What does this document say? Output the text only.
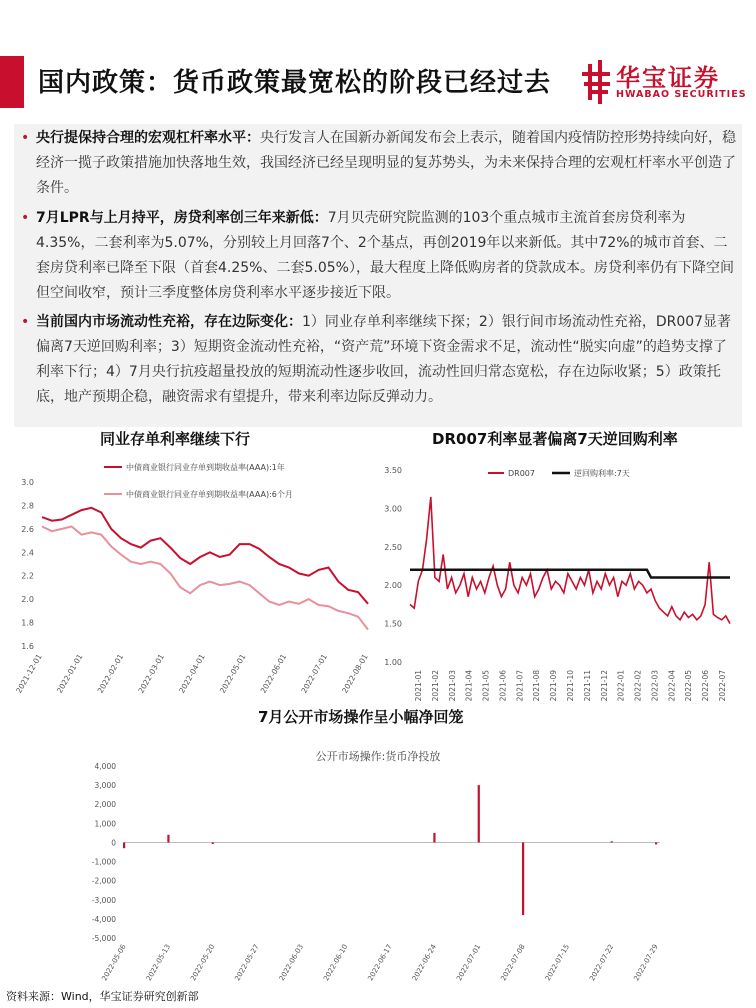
国内政策：货币政策最宽松的阶段已经过去	华宝证券
HWABAO SECURITIES
• 央行提保持合理的宏观杠杆率水平：央行发言人在国新办新闻发布会上表示，随着国内疫情防控形势持续向好，稳经济一揽子政策措施加快落地生效，我国经济已经呈现明显的复苏势头，为未来保持合理的宏观杠杆率水平创造了条件。
• 7月LPR与上月持平，房贷利率创三年来新低：7月贝壳研究院监测的103个重点城市主流首套房贷利率为4.35%，二套利率为5.07%，分别较上月回落7个、2个基点，再创2019年以来新低。其中72%的城市首套、二套房贷利率已降至下限（首套4.25%、二套5.05%），最大程度上降低购房者的贷款成本。房贷利率仍有下降空间但空间收窄，预计三季度整体房贷利率水平逐步接近下限。
• 当前国内市场流动性充裕，存在边际变化：1）同业存单利率继续下探；2）银行间市场流动性充裕，DR007显著偏离7天逆回购利率；3）短期资金流动性充裕，“资产荒”环境下资金需求不足，流动性“脱实向虚”的趋势支撑了利率下行；4）7月央行抗疫超量投放的短期流动性逐步收回，流动性回归常态宽松，存在边际收紧；5）政策托底，地产预期企稳，融资需求有望提升，带来利率边际反弹动力。
同业存单利率继续下行	DR007利率显著偏离7天逆回购利率
7月公开市场操作呈小幅净回笼
3.0
2.8
2.6
2.4
2.2
2.0
1.8
1.6
2021-12-01 2022-01-01 2022-02-01 2022-03-01 2022-04-01 2022-05-01 2022-06-01 2022-07-01 2022-08-01
中债商业银行同业存单到期收益率(AAA):1年
中债商业银行同业存单到期收益率(AAA):6个月
3.50
3.00
2.50
2.00
1.50
1.00
2021-01 2021-02 2021-03 2021-04 2021-05 2021-06 2021-07 2021-08 2021-09 2021-10 2021-11 2021-12 2022-01 2022-02 2022-03 2022-04 2022-05 2022-06 2022-07
DR007	逆回购利率:7天
公开市场操作:货币净投放
4,000
3,000
2,000
1,000
0
-1,000
-2,000
-3,000
-4,000
-5,000
2022-05-06 2022-05-13 2022-05-20 2022-05-27 2022-06-03 2022-06-10 2022-06-17 2022-06-24 2022-07-01 2022-07-08 2022-07-15 2022-07-22 2022-07-29
资料来源：Wind，华宝证券研究创新部
